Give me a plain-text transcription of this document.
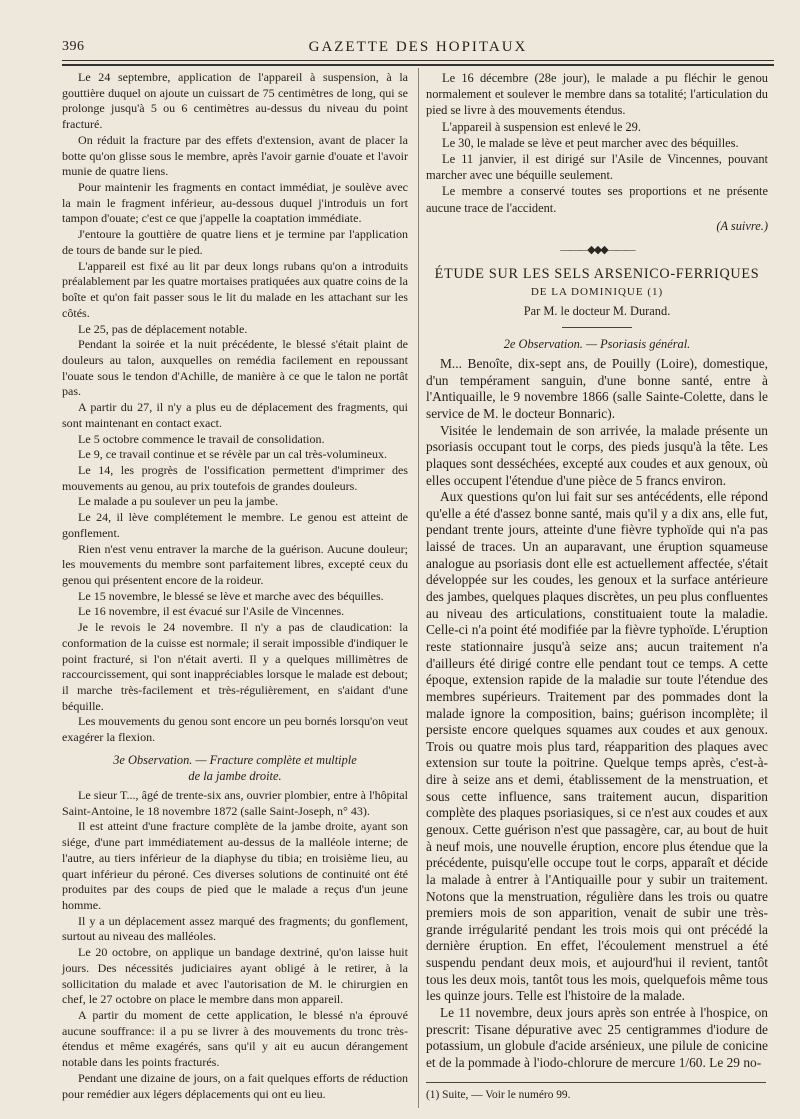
396	GAZETTE DES HOPITAUX

Le 24 septembre, application de l'appareil à suspension, à la gouttière duquel on ajoute un cuissart de 75 centimètres de long, qui se prolonge jusqu'à 5 ou 6 centimètres au-dessus du niveau du point fracturé.

On réduit la fracture par des effets d'extension, avant de placer la botte qu'on glisse sous le membre, après l'avoir garnie d'ouate et l'avoir munie de quatre liens.

Pour maintenir les fragments en contact immédiat, je soulève avec la main le fragment inférieur, au-dessous duquel j'introduis un fort tampon d'ouate; c'est ce que j'appelle la coaptation immédiate.

J'entoure la gouttière de quatre liens et je termine par l'application de tours de bande sur le pied.

L'appareil est fixé au lit par deux longs rubans qu'on a introduits préalablement par les quatre mortaises pratiquées aux quatre coins de la boîte et qu'on fait passer sous le lit du malade en les attachant sur les côtés.

Le 25, pas de déplacement notable.

Pendant la soirée et la nuit précédente, le blessé s'était plaint de douleurs au talon, auxquelles on remédia facilement en repoussant l'ouate sous le tendon d'Achille, de manière à ce que le talon ne portât pas.

A partir du 27, il n'y a plus eu de déplacement des fragments, qui sont maintenant en contact exact.

Le 5 octobre commence le travail de consolidation.

Le 9, ce travail continue et se révèle par un cal très-volumineux.

Le 14, les progrès de l'ossification permettent d'imprimer des mouvements au genou, au prix toutefois de grandes douleurs.

Le malade a pu soulever un peu la jambe.

Le 24, il lève complétement le membre. Le genou est atteint de gonflement.

Rien n'est venu entraver la marche de la guérison. Aucune douleur; les mouvements du membre sont parfaitement libres, excepté ceux du genou qui présentent encore de la roideur.

Le 15 novembre, le blessé se lève et marche avec des béquilles.

Le 16 novembre, il est évacué sur l'Asile de Vincennes.

Je le revois le 24 novembre. Il n'y a pas de claudication: la conformation de la cuisse est normale; il serait impossible d'indiquer le point fracturé, si l'on n'était averti. Il y a quelques millimètres de raccourcissement, qui sont inappréciables lorsque le malade est debout; il marche très-facilement et très-régulièrement, en s'aidant d'une béquille.

Les mouvements du genou sont encore un peu bornés lorsqu'on veut exagérer la flexion.

3e Observation. — Fracture complète et multiple
de la jambe droite.

Le sieur T..., âgé de trente-six ans, ouvrier plombier, entre à l'hôpital Saint-Antoine, le 18 novembre 1872 (salle Saint-Joseph, n° 43).

Il est atteint d'une fracture complète de la jambe droite, ayant son siége, d'une part immédiatement au-dessus de la malléole interne; de l'autre, au tiers inférieur de la diaphyse du tibia; en troisième lieu, au quart inférieur du péroné. Ces diverses solutions de continuité ont été produites par des coups de pied que le malade a reçus d'un jeune homme.

Il y a un déplacement assez marqué des fragments; du gonflement, surtout au niveau des malléoles.

Le 20 octobre, on applique un bandage dextriné, qu'on laisse huit jours. Des nécessités judiciaires ayant obligé à le retirer, à la sollicitation du malade et avec l'autorisation de M. le chirurgien en chef, le 27 octobre on place le membre dans mon appareil.

A partir du moment de cette application, le blessé n'a éprouvé aucune souffrance: il a pu se livrer à des mouvements du tronc très-étendus et même exagérés, sans qu'il y ait eu aucun dérangement notable dans les points fracturés.

Pendant une dizaine de jours, on a fait quelques efforts de réduction pour remédier aux légers déplacements qui ont eu lieu.

Le 16 décembre (28e jour), le malade a pu fléchir le genou normalement et soulever le membre dans sa totalité; l'articulation du pied se livre à des mouvements étendus.

L'appareil à suspension est enlevé le 29.

Le 30, le malade se lève et peut marcher avec des béquilles.

Le 11 janvier, il est dirigé sur l'Asile de Vincennes, pouvant marcher avec une béquille seulement.

Le membre a conservé toutes ses proportions et ne présente aucune trace de l'accident.

(A suivre.)
———◆◆◆———
ÉTUDE SUR LES SELS ARSENICO-FERRIQUES
DE LA DOMINIQUE (1)
Par M. le docteur M. Durand.
2e Observation. — Psoriasis général.

M... Benoîte, dix-sept ans, de Pouilly (Loire), domestique, d'un tempérament sanguin, d'une bonne santé, entre à l'Antiquaille, le 9 novembre 1866 (salle Sainte-Colette, dans le service de M. le docteur Bonnaric).

Visitée le lendemain de son arrivée, la malade présente un psoriasis occupant tout le corps, des pieds jusqu'à la tête. Les plaques sont desséchées, excepté aux coudes et aux genoux, où elles occupent l'étendue d'une pièce de 5 francs environ.

Aux questions qu'on lui fait sur ses antécédents, elle répond qu'elle a été d'assez bonne santé, mais qu'il y a dix ans, elle fut, pendant trente jours, atteinte d'une fièvre typhoïde qui n'a pas laissé de traces. Un an auparavant, une éruption squameuse analogue au psoriasis dont elle est actuellement affectée, s'était développée sur les coudes, les genoux et la surface antérieure des jambes, quelques plaques discrètes, un peu plus confluentes au niveau des articulations, constituaient toute la maladie. Celle-ci n'a point été modifiée par la fièvre typhoïde. L'éruption reste stationnaire jusqu'à seize ans; aucun traitement n'a d'ailleurs été dirigé contre elle pendant tout ce temps. A cette époque, extension rapide de la maladie sur toute l'étendue des membres supérieurs. Traitement par des pommades dont la malade ignore la composition, bains; guérison incomplète; il persiste encore quelques squames aux coudes et aux genoux. Trois ou quatre mois plus tard, réapparition des plaques avec extension sur toute la poitrine. Quelque temps après, c'est-à-dire à seize ans et demi, établissement de la menstruation, et sous cette influence, sans traitement aucun, disparition complète des plaques psoriasiques, si ce n'est aux coudes et aux genoux. Cette guérison n'est que passagère, car, au bout de huit à neuf mois, une nouvelle éruption, encore plus étendue que la précédente, puisqu'elle occupe tout le corps, apparaît et décide la malade à entrer à l'Antiquaille pour y subir un traitement. Notons que la menstruation, régulière dans les trois ou quatre premiers mois de son apparition, venait de subir une très-grande irrégularité pendant les trois mois qui ont précédé la dernière éruption. En effet, l'écoulement menstruel a été suspendu pendant deux mois, et aujourd'hui il revient, tantôt tous les deux mois, tantôt tous les mois, quelquefois même tous les quinze jours. Telle est l'histoire de la malade.

Le 11 novembre, deux jours après son entrée à l'hospice, on prescrit: Tisane dépurative avec 25 centigrammes d'iodure de potassium, un globule d'acide arsénieux, une pilule de conicine et de la pommade à l'iodo-chlorure de mercure 1/60. Le 29 no-

(1) Suite, — Voir le numéro 99.
